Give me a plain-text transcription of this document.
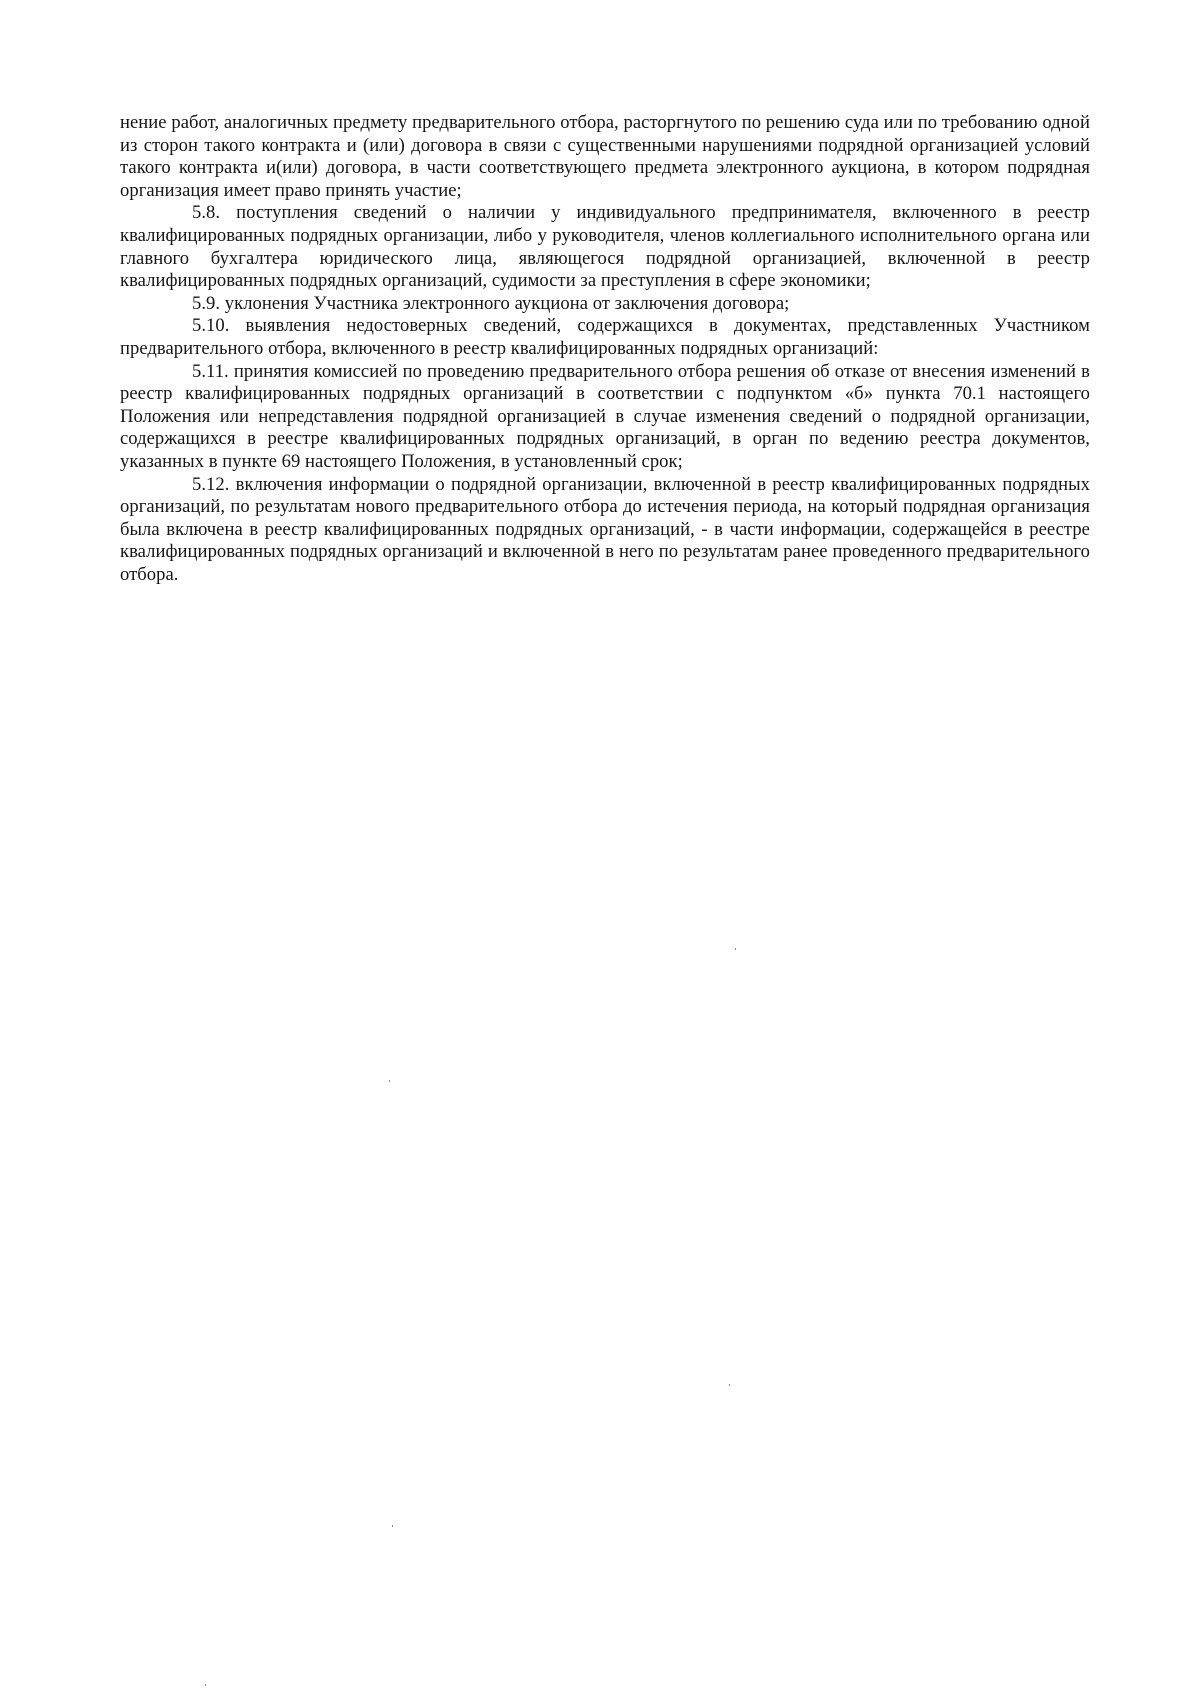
нение работ, аналогичных предмету предварительного отбора, расторгнутого по решению суда или по требованию одной из сторон такого контракта и (или) договора в связи с существенными нарушениями подрядной организацией условий такого контракта и(или) договора, в части соответствующего предмета электронного аукциона, в котором подрядная организация имеет право принять участие;

5.8. поступления сведений о наличии у индивидуального предпринимателя, включенного в реестр квалифицированных подрядных организации, либо у руководителя, членов коллегиального исполнительного органа или главного бухгалтера юридического лица, являющегося подрядной организацией, включенной в реестр квалифицированных подрядных организаций, судимости за преступления в сфере экономики;

5.9. уклонения Участника электронного аукциона от заключения договора;

5.10. выявления недостоверных сведений, содержащихся в документах, представленных Участником предварительного отбора, включенного в реестр квалифицированных подрядных организаций:

5.11. принятия комиссией по проведению предварительного отбора решения об отказе от внесения изменений в реестр квалифицированных подрядных организаций в соответствии с подпунктом «б» пункта 70.1 настоящего Положения или непредставления подрядной организацией в случае изменения сведений о подрядной организации, содержащихся в реестре квалифицированных подрядных организаций, в орган по ведению реестра документов, указанных в пункте 69 настоящего Положения, в установленный срок;

5.12. включения информации о подрядной организации, включенной в реестр квалифицированных подрядных организаций, по результатам нового предварительного отбора до истечения периода, на который подрядная организация была включена в реестр квалифицированных подрядных организаций, - в части информации, содержащейся в реестре квалифицированных подрядных организаций и включенной в него по результатам ранее проведенного предварительного отбора.
